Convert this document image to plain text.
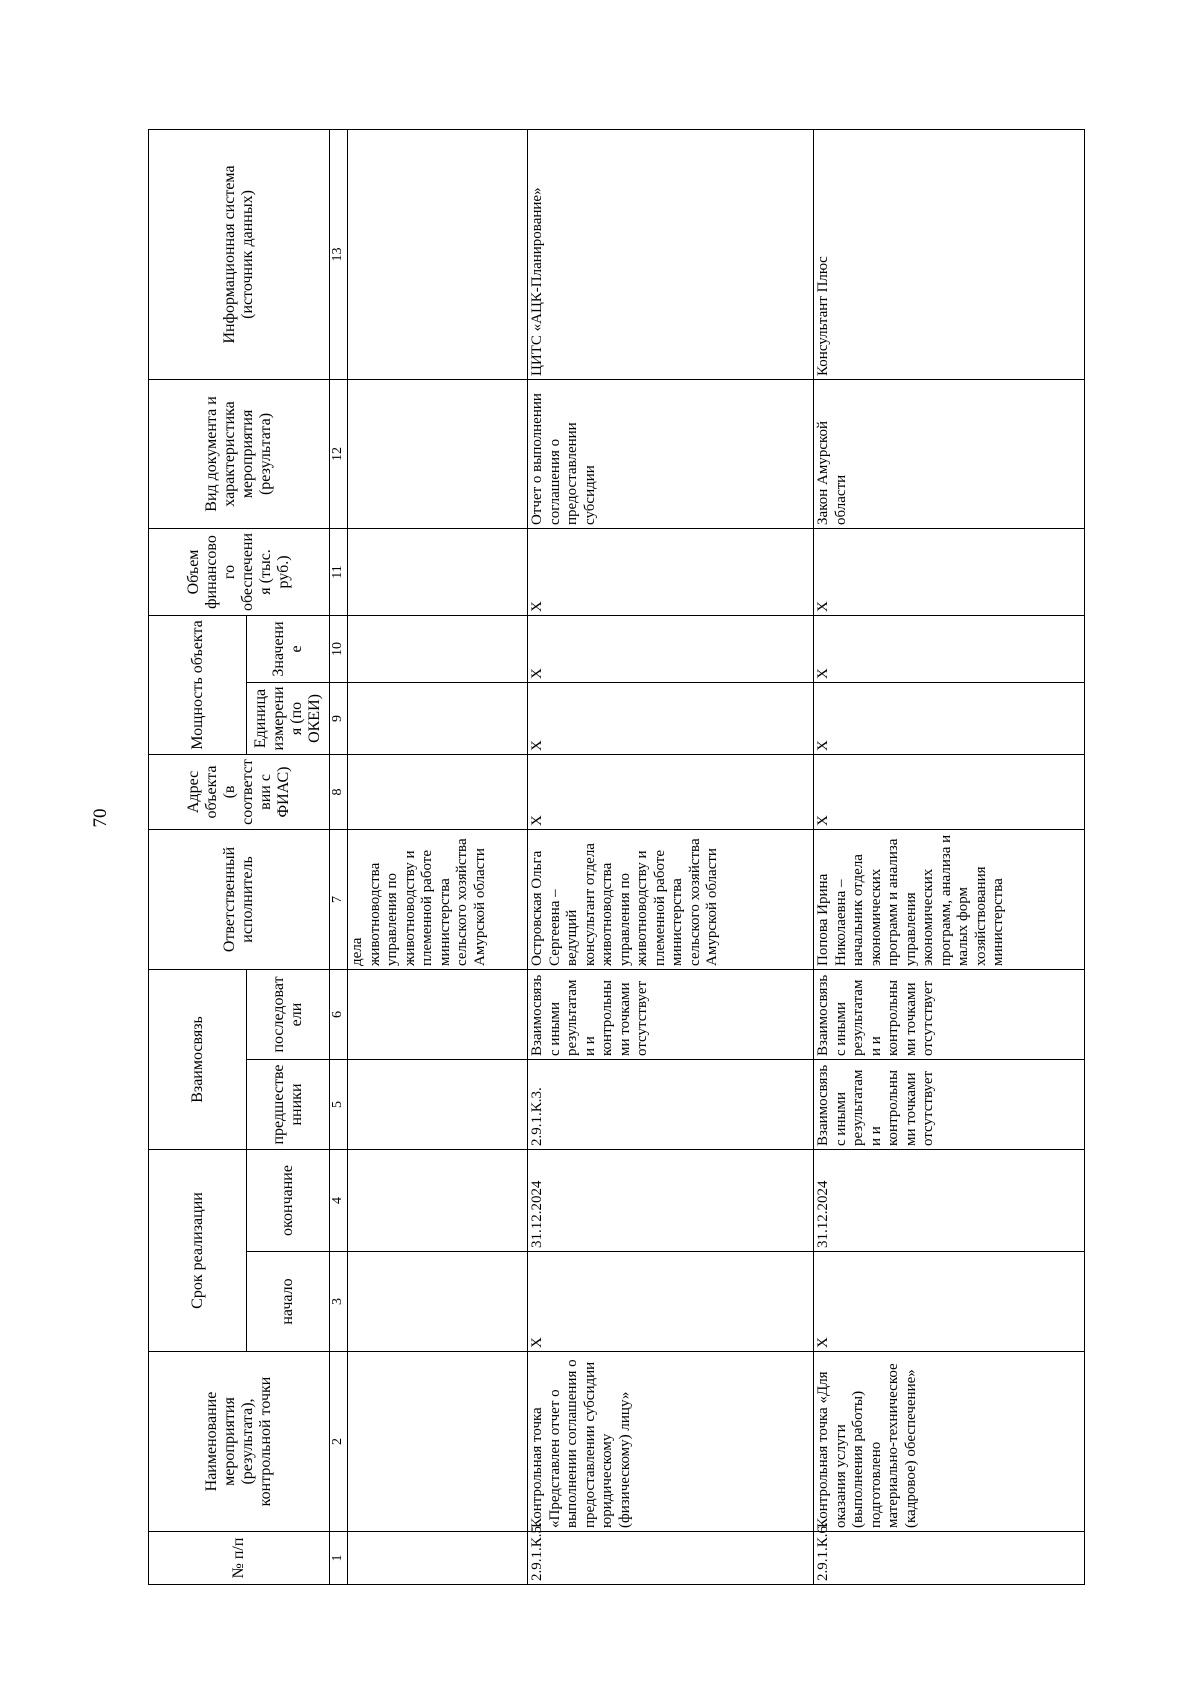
70
№ п/п	Наименование мероприятия (результата), контрольной точки	Срок реализации		Взаимосвязь		Ответственный исполнитель	Адрес объекта (в соответствии с ФИАС)	Мощность объекта		Объем финансового обеспечения (тыс. руб.)	Вид документа и характеристика мероприятия (результата)	Информационная система (источник данных)
		начало	окончание	предшественники	последователи			Единица измерения (по ОКЕИ)	Значение			
1	2	3	4	5	6	7	8	9	10	11	12	13
						дела животноводства управления по животноводству и племенной работе министерства сельского хозяйства Амурской области						
2.9.1.К.5.	Контрольная точка «Представлен отчет о выполнении соглашения о предоставлении субсидии юридическому (физическому) лицу»	X	31.12.2024	2.9.1.К.3.	Взаимосвязь с иными результатами и контрольными точками отсутствует	Островская Ольга Сергеевна – ведущий консультант отдела животноводства управления по животноводству и племенной работе министерства сельского хозяйства Амурской области	X	X	X	X	Отчет о выполнении соглашения о предоставлении субсидии	ЦИТС «АЦК-Планирование»
2.9.1.К.6.	Контрольная точка «Для оказания услуги (выполнения работы) подготовлено материально-техническое (кадровое) обеспечение»	X	31.12.2024	Взаимосвязь с иными результатами и контрольными точками отсутствует	Взаимосвязь с иными результатами и контрольными точками отсутствует	Попова Ирина Николаевна – начальник отдела экономических программ и анализа управления экономических программ, анализа и малых форм хозяйствования министерства	X	X	X	X	Закон Амурской области	Консультант Плюс
